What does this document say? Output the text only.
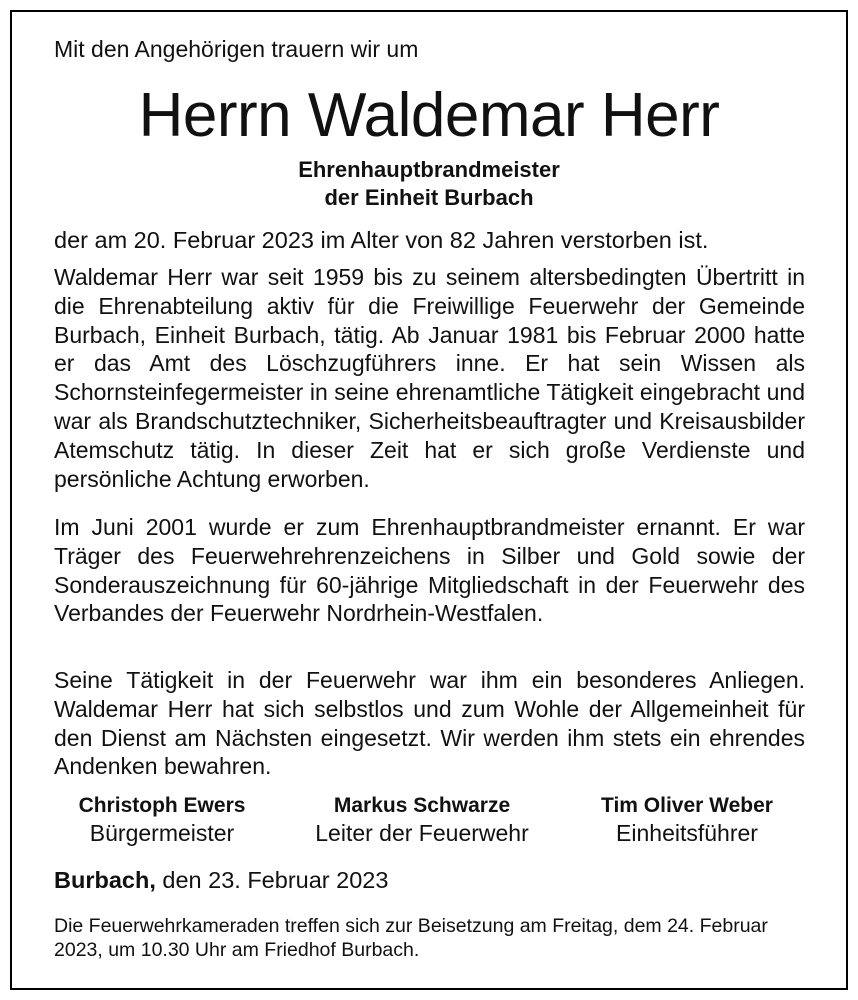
Mit den Angehörigen trauern wir um
Herrn Waldemar Herr
Ehrenhauptbrandmeister
der Einheit Burbach
der am 20. Februar 2023 im Alter von 82 Jahren verstorben ist.
Waldemar Herr war seit 1959 bis zu seinem altersbedingten Übertritt in die Ehrenabteilung aktiv für die Freiwillige Feuerwehr der Gemeinde Burbach, Einheit Burbach, tätig. Ab Januar 1981 bis Februar 2000 hatte er das Amt des Löschzugführers inne. Er hat sein Wissen als Schornsteinfegermeister in seine ehrenamtliche Tätigkeit eingebracht und war als Brandschutztechniker, Sicherheitsbeauftragter und Kreisausbilder Atemschutz tätig. In dieser Zeit hat er sich große Verdienste und persönliche Achtung erworben.
Im Juni 2001 wurde er zum Ehrenhauptbrandmeister ernannt. Er war Träger des Feuerwehrehrenzeichens in Silber und Gold sowie der Sonderauszeichnung für 60-jährige Mitgliedschaft in der Feuerwehr des Verbandes der Feuerwehr Nordrhein-Westfalen.
Seine Tätigkeit in der Feuerwehr war ihm ein besonderes Anliegen. Waldemar Herr hat sich selbstlos und zum Wohle der Allgemeinheit für den Dienst am Nächsten eingesetzt. Wir werden ihm stets ein ehrendes Andenken bewahren.
Christoph Ewers
Bürgermeister
Markus Schwarze
Leiter der Feuerwehr
Tim Oliver Weber
Einheitsführer
Burbach, den 23. Februar 2023
Die Feuerwehrkameraden treffen sich zur Beisetzung am Freitag, dem 24. Februar 2023, um 10.30 Uhr am Friedhof Burbach.
